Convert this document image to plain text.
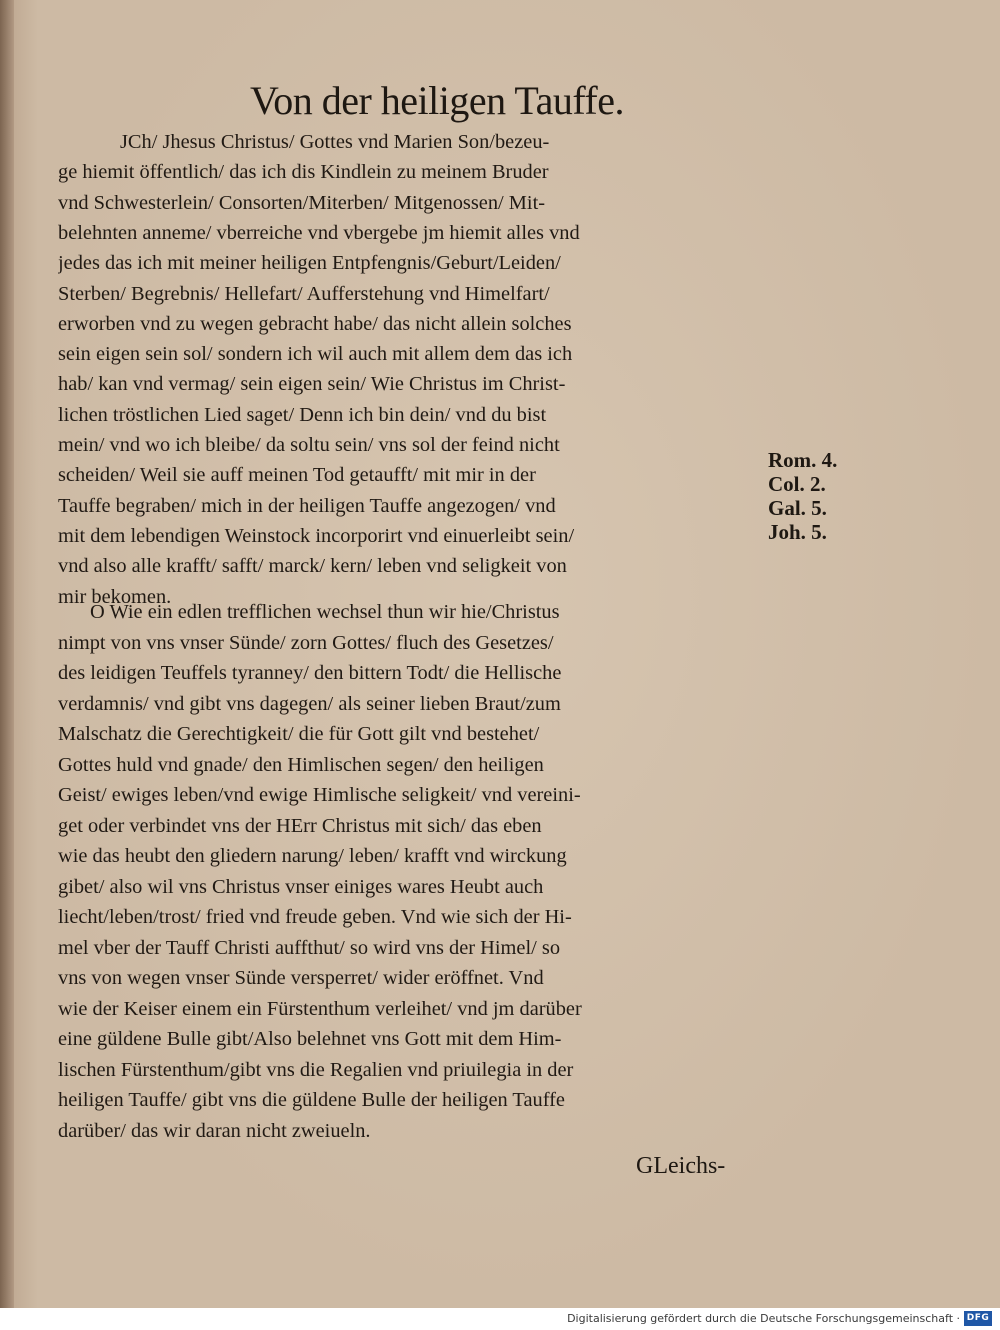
Von der heiligen Tauffe.
JCh/ Jhesus Christus/ Gottes vnd Marien Son/bezeu-
ge hiemit öffentlich/ das ich dis Kindlein zu meinem Bruder
vnd Schwesterlein/ Consorten/Miterben/ Mitgenossen/ Mit-
belehnten anneme/ vberreiche vnd vbergebe jm hiemit alles vnd
jedes das ich mit meiner heiligen Entpfengnis/Geburt/Leiden/
Sterben/ Begrebnis/ Hellefart/ Aufferstehung vnd Himelfart/
erworben vnd zu wegen gebracht habe/ das nicht allein solches
sein eigen sein sol/ sondern ich wil auch mit allem dem das ich
hab/ kan vnd vermag/ sein eigen sein/ Wie Christus im Christ-
lichen tröstlichen Lied saget/ Denn ich bin dein/ vnd du bist
mein/ vnd wo ich bleibe/ da soltu sein/ vns sol der feind nicht
scheiden/ Weil sie auff meinen Tod getaufft/ mit mir in der
Tauffe begraben/ mich in der heiligen Tauffe angezogen/ vnd
mit dem lebendigen Weinstock incorporirt vnd einuerleibt sein/
vnd also alle krafft/ safft/ marck/ kern/ leben vnd seligkeit von
mir bekomen.
O Wie ein edlen trefflichen wechsel thun wir hie/Christus
nimpt von vns vnser Sünde/ zorn Gottes/ fluch des Gesetzes/
des leidigen Teuffels tyranney/ den bittern Todt/ die Hellische
verdamnis/ vnd gibt vns dagegen/ als seiner lieben Braut/zum
Malschatz die Gerechtigkeit/ die für Gott gilt vnd bestehet/
Gottes huld vnd gnade/ den Himlischen segen/ den heiligen
Geist/ ewiges leben/vnd ewige Himlische seligkeit/ vnd vereini-
get oder verbindet vns der HErr Christus mit sich/ das eben
wie das heubt den gliedern narung/ leben/ krafft vnd wirckung
gibet/ also wil vns Christus vnser einiges wares Heubt auch
liecht/leben/trost/ fried vnd freude geben. Vnd wie sich der Hi-
mel vber der Tauff Christi auffthut/ so wird vns der Himel/ so
vns von wegen vnser Sünde versperret/ wider eröffnet. Vnd
wie der Keiser einem ein Fürstenthum verleihet/ vnd jm darüber
eine güldene Bulle gibt/Also belehnet vns Gott mit dem Him-
lischen Fürstenthum/gibt vns die Regalien vnd priuilegia in der
heiligen Tauffe/ gibt vns die güldene Bulle der heiligen Tauffe
darüber/ das wir daran nicht zweiueln.
Rom. 4.
Col. 2.
Gal. 5.
Joh. 5.
GLeichs-
Digitalisierung gefördert durch die Deutsche Forschungsgemeinschaft · DFG
